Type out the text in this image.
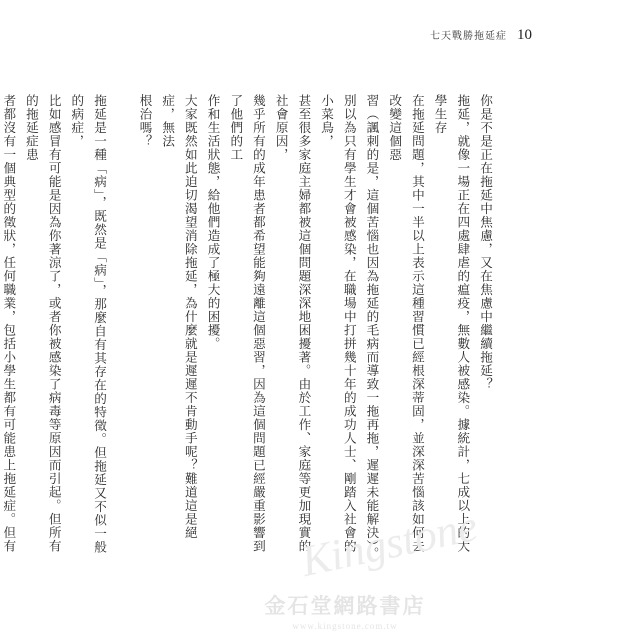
七天戰勝拖延症 10

你是不是正在拖延中焦慮，又在焦慮中繼續拖延？

拖延，就像一場正在四處肆虐的瘟疫，無數人被感染。據統計，七成以上的大學生存

在拖延問題，其中一半以上表示這種習慣已經根深蒂固，並深深苦惱該如何去改變這個惡

習（諷刺的是，這個苦惱也因為拖延的毛病而導致一拖再拖，遲遲未能解決）。

別以為只有學生才會被感染，在職場中打拼幾十年的成功人士、剛踏入社會的小菜鳥，

甚至很多家庭主婦都被這個問題深深地困擾著。由於工作、家庭等更加現實的社會原因，

幾乎所有的成年患者都希望能夠遠離這個惡習，因為這個問題已經嚴重影響到了他們的工

作和生活狀態，給他們造成了極大的困擾。

大家既然如此迫切渴望消除拖延，為什麼就是遲遲不肯動手呢？難道這是絕症，無法

根治嗎？

拖延是一種「病」，既然是「病」，那麼自有其存在的特徵。但拖延又不似一般的病症，

比如感冒有可能是因為你著涼了，或者你被感染了病毒等原因而引起。但所有的拖延症患

者都沒有一個典型的徵狀，任何職業，包括小學生都有可能患上拖延症。但有	Kingstone
金石堂網路書店
www.kingstone.com.tw
